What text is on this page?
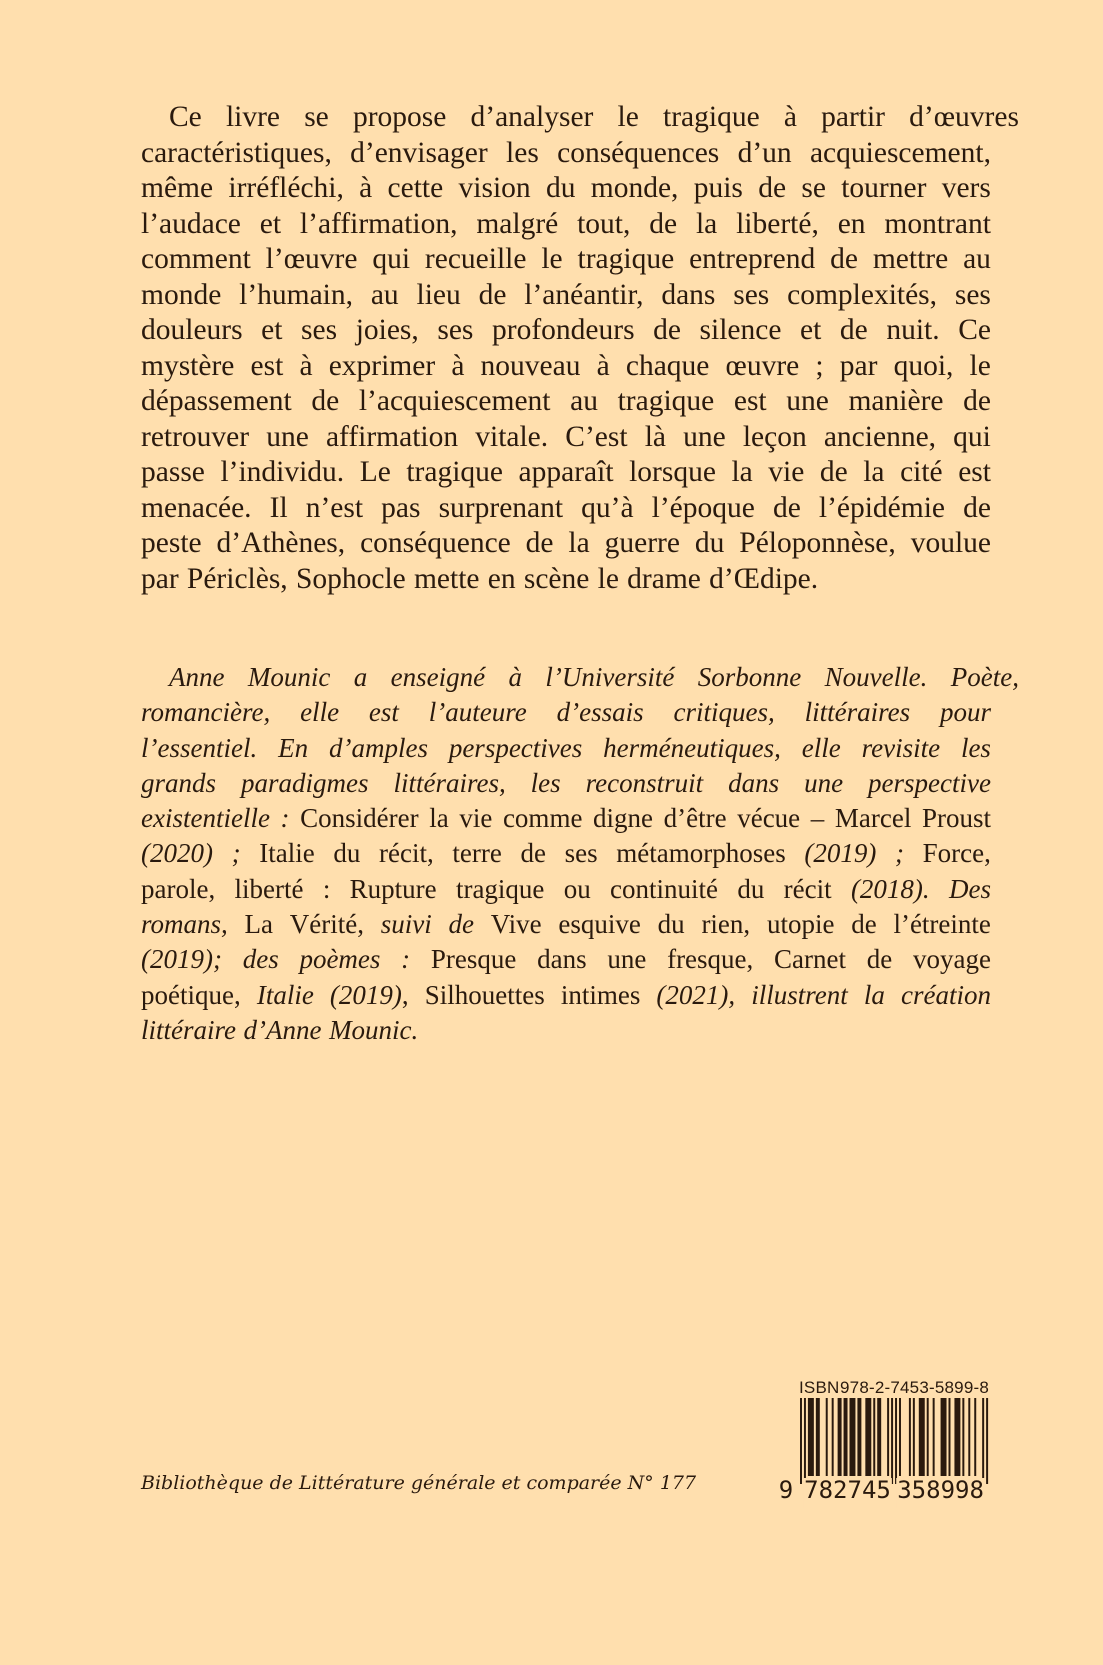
Ce livre se propose d’analyser le tragique à partir d’œuvres
caractéristiques, d’envisager les conséquences d’un acquiescement,
même irréfléchi, à cette vision du monde, puis de se tourner vers
l’audace et l’affirmation, malgré tout, de la liberté, en montrant
comment l’œuvre qui recueille le tragique entreprend de mettre au
monde l’humain, au lieu de l’anéantir, dans ses complexités, ses
douleurs et ses joies, ses profondeurs de silence et de nuit. Ce
mystère est à exprimer à nouveau à chaque œuvre ; par quoi, le
dépassement de l’acquiescement au tragique est une manière de
retrouver une affirmation vitale. C’est là une leçon ancienne, qui
passe l’individu. Le tragique apparaît lorsque la vie de la cité est
menacée. Il n’est pas surprenant qu’à l’époque de l’épidémie de
peste d’Athènes, conséquence de la guerre du Péloponnèse, voulue
par Périclès, Sophocle mette en scène le drame d’Œdipe.
Anne Mounic a enseigné à l’Université Sorbonne Nouvelle. Poète,
romancière, elle est l’auteure d’essais critiques, littéraires pour
l’essentiel. En d’amples perspectives herméneutiques, elle revisite les
grands paradigmes littéraires, les reconstruit dans une perspective
existentielle : Considérer la vie comme digne d’être vécue – Marcel Proust
(2020) ; Italie du récit, terre de ses métamorphoses (2019) ; Force,
parole, liberté : Rupture tragique ou continuité du récit (2018). Des
romans, La Vérité, suivi de Vive esquive du rien, utopie de l’étreinte
(2019); des poèmes : Presque dans une fresque, Carnet de voyage
poétique, Italie (2019), Silhouettes intimes (2021), illustrent la création
littéraire d’Anne Mounic.
Bibliothèque de Littérature générale et comparée N° 177
ISBN 978-2-7453-5899-8
9 782745 358998
